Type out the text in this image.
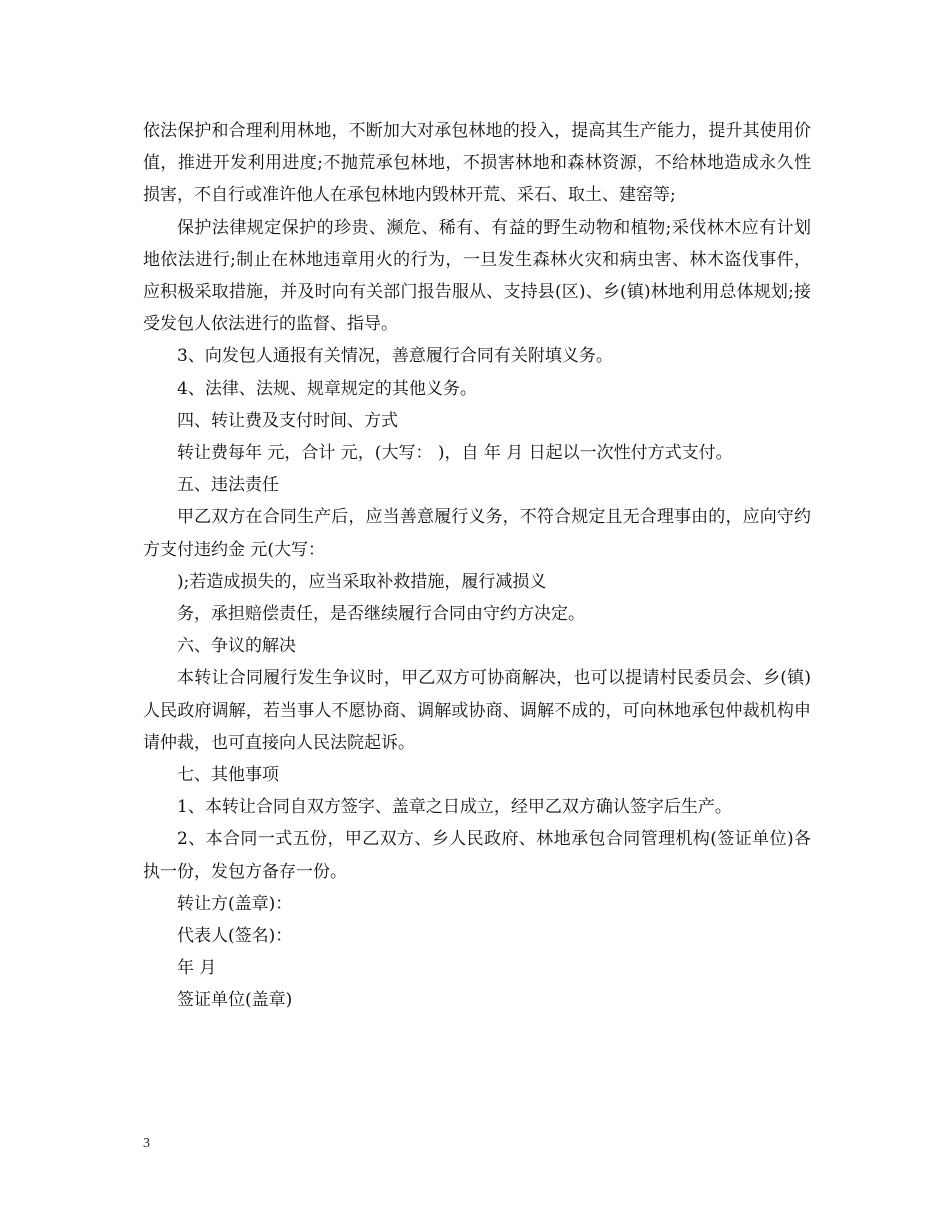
依法保护和合理利用林地，不断加大对承包林地的投入，提高其生产能力，提升其使用价值，推进开发利用进度;不抛荒承包林地，不损害林地和森林资源，不给林地造成永久性损害，不自行或准许他人在承包林地内毁林开荒、采石、取土、建窑等;

保护法律规定保护的珍贵、濒危、稀有、有益的野生动物和植物;采伐林木应有计划地依法进行;制止在林地违章用火的行为，一旦发生森林火灾和病虫害、林木盗伐事件，应积极采取措施，并及时向有关部门报告服从、支持县(区)、乡(镇)林地利用总体规划;接受发包人依法进行的监督、指导。

3、向发包人通报有关情况，善意履行合同有关附填义务。

4、法律、法规、规章规定的其他义务。

四、转让费及支付时间、方式

转让费每年 元，合计 元，(大写： )，自 年 月 日起以一次性付方式支付。

五、违法责任

甲乙双方在合同生产后，应当善意履行义务，不符合规定且无合理事由的，应向守约方支付违约金 元(大写：

);若造成损失的，应当采取补救措施，履行减损义

务，承担赔偿责任，是否继续履行合同由守约方决定。

六、争议的解决

本转让合同履行发生争议时，甲乙双方可协商解决，也可以提请村民委员会、乡(镇)人民政府调解，若当事人不愿协商、调解或协商、调解不成的，可向林地承包仲裁机构申请仲裁，也可直接向人民法院起诉。

七、其他事项

1、本转让合同自双方签字、盖章之日成立，经甲乙双方确认签字后生产。

2、本合同一式五份，甲乙双方、乡人民政府、林地承包合同管理机构(签证单位)各执一份，发包方备存一份。

转让方(盖章)：

代表人(签名)：

年 月

签证单位(盖章)

3
